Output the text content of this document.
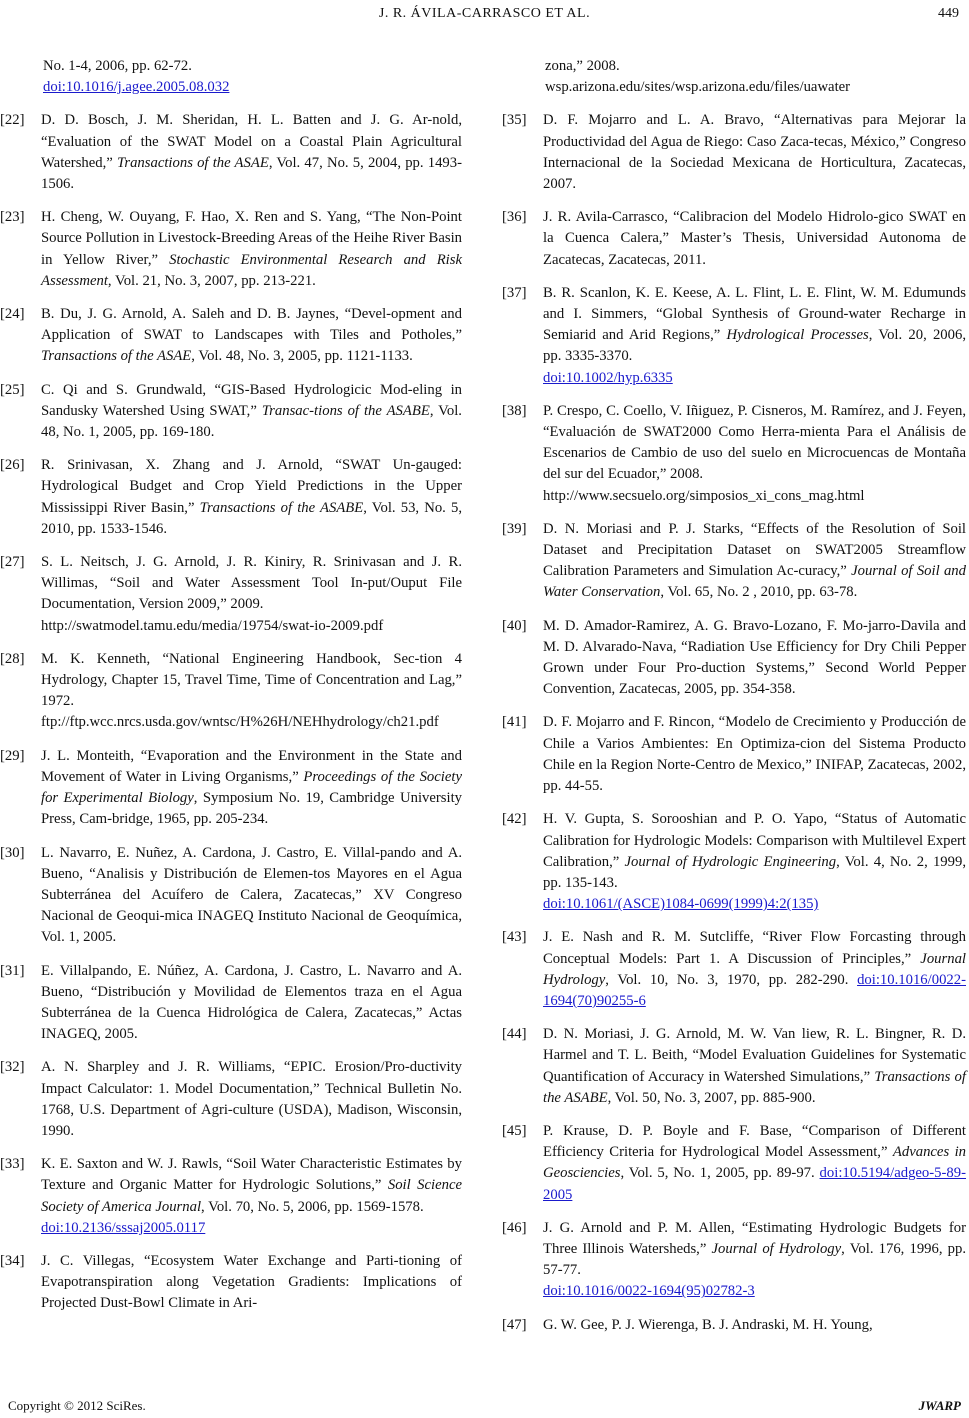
J. R. ÁVILA-CARRASCO ET AL.	449
No. 1-4, 2006, pp. 62-72.
doi:10.1016/j.agee.2005.08.032
[22] D. D. Bosch, J. M. Sheridan, H. L. Batten and J. G. Ar-nold, “Evaluation of the SWAT Model on a Coastal Plain Agricultural Watershed,” Transactions of the ASAE, Vol. 47, No. 5, 2004, pp. 1493-1506.
[23] H. Cheng, W. Ouyang, F. Hao, X. Ren and S. Yang, “The Non-Point Source Pollution in Livestock-Breeding Areas of the Heihe River Basin in Yellow River,” Stochastic Environmental Research and Risk Assessment, Vol. 21, No. 3, 2007, pp. 213-221.
[24] B. Du, J. G. Arnold, A. Saleh and D. B. Jaynes, “Devel-opment and Application of SWAT to Landscapes with Tiles and Potholes,” Transactions of the ASAE, Vol. 48, No. 3, 2005, pp. 1121-1133.
[25] C. Qi and S. Grundwald, “GIS-Based Hydrologicic Mod-eling in Sandusky Watershed Using SWAT,” Transac-tions of the ASABE, Vol. 48, No. 1, 2005, pp. 169-180.
[26] R. Srinivasan, X. Zhang and J. Arnold, “SWAT Un-gauged: Hydrological Budget and Crop Yield Predictions in the Upper Mississippi River Basin,” Transactions of the ASABE, Vol. 53, No. 5, 2010, pp. 1533-1546.
[27] S. L. Neitsch, J. G. Arnold, J. R. Kiniry, R. Srinivasan and J. R. Willimas, “Soil and Water Assessment Tool In-put/Ouput File Documentation, Version 2009,” 2009.
http://swatmodel.tamu.edu/media/19754/swat-io-2009.pdf
[28] M. K. Kenneth, “National Engineering Handbook, Sec-tion 4 Hydrology, Chapter 15, Travel Time, Time of Concentration and Lag,” 1972.
ftp://ftp.wcc.nrcs.usda.gov/wntsc/H%26H/NEHhydrology/ch21.pdf
[29] J. L. Monteith, “Evaporation and the Environment in the State and Movement of Water in Living Organisms,” Proceedings of the Society for Experimental Biology, Symposium No. 19, Cambridge University Press, Cam-bridge, 1965, pp. 205-234.
[30] L. Navarro, E. Nuñez, A. Cardona, J. Castro, E. Villal-pando and A. Bueno, “Analisis y Distribución de Elemen-tos Mayores en el Agua Subterránea del Acuífero de Calera, Zacatecas,” XV Congreso Nacional de Geoqui-mica INAGEQ Instituto Nacional de Geoquímica, Vol. 1, 2005.
[31] E. Villalpando, E. Núñez, A. Cardona, J. Castro, L. Navarro and A. Bueno, “Distribución y Movilidad de Elementos traza en el Agua Subterránea de la Cuenca Hidrológica de Calera, Zacatecas,” Actas INAGEQ, 2005.
[32] A. N. Sharpley and J. R. Williams, “EPIC. Erosion/Pro-ductivity Impact Calculator: 1. Model Documentation,” Technical Bulletin No. 1768, U.S. Department of Agri-culture (USDA), Madison, Wisconsin, 1990.
[33] K. E. Saxton and W. J. Rawls, “Soil Water Characteristic Estimates by Texture and Organic Matter for Hydrologic Solutions,” Soil Science Society of America Journal, Vol. 70, No. 5, 2006, pp. 1569-1578.
doi:10.2136/sssaj2005.0117
[34] J. C. Villegas, “Ecosystem Water Exchange and Parti-tioning of Evapotranspiration along Vegetation Gradients: Implications of Projected Dust-Bowl Climate in Ari-
zona,” 2008.
wsp.arizona.edu/sites/wsp.arizona.edu/files/uawater
[35] D. F. Mojarro and L. A. Bravo, “Alternativas para Mejorar la Productividad del Agua de Riego: Caso Zaca-tecas, México,” Congreso Internacional de la Sociedad Mexicana de Horticultura, Zacatecas, 2007.
[36] J. R. Avila-Carrasco, “Calibracion del Modelo Hidrolo-gico SWAT en la Cuenca Calera,” Master’s Thesis, Universidad Autonoma de Zacatecas, Zacatecas, 2011.
[37] B. R. Scanlon, K. E. Keese, A. L. Flint, L. E. Flint, W. M. Edumunds and I. Simmers, “Global Synthesis of Ground-water Recharge in Semiarid and Arid Regions,” Hydrological Processes, Vol. 20, 2006, pp. 3335-3370.
doi:10.1002/hyp.6335
[38] P. Crespo, C. Coello, V. Iñiguez, P. Cisneros, M. Ramírez, and J. Feyen, “Evaluación de SWAT2000 Como Herra-mienta Para el Análisis de Escenarios de Cambio de uso del suelo en Microcuencas de Montaña del sur del Ecuador,” 2008.
http://www.secsuelo.org/simposios_xi_cons_mag.html
[39] D. N. Moriasi and P. J. Starks, “Effects of the Resolution of Soil Dataset and Precipitation Dataset on SWAT2005 Streamflow Calibration Parameters and Simulation Ac-curacy,” Journal of Soil and Water Conservation, Vol. 65, No. 2 , 2010, pp. 63-78.
[40] M. D. Amador-Ramirez, A. G. Bravo-Lozano, F. Mo-jarro-Davila and M. D. Alvarado-Nava, “Radiation Use Efficiency for Dry Chili Pepper Grown under Four Pro-duction Systems,” Second World Pepper Convention, Zacatecas, 2005, pp. 354-358.
[41] D. F. Mojarro and F. Rincon, “Modelo de Crecimiento y Producción de Chile a Varios Ambientes: En Optimiza-cion del Sistema Producto Chile en la Region Norte-Centro de Mexico,” INIFAP, Zacatecas, 2002, pp. 44-55.
[42] H. V. Gupta, S. Sorooshian and P. O. Yapo, “Status of Automatic Calibration for Hydrologic Models: Comparison with Multilevel Expert Calibration,” Journal of Hydrologic Engineering, Vol. 4, No. 2, 1999, pp. 135-143.
doi:10.1061/(ASCE)1084-0699(1999)4:2(135)
[43] J. E. Nash and R. M. Sutcliffe, “River Flow Forcasting through Conceptual Models: Part 1. A Discussion of Principles,” Journal Hydrology, Vol. 10, No. 3, 1970, pp. 282-290. doi:10.1016/0022-1694(70)90255-6
[44] D. N. Moriasi, J. G. Arnold, M. W. Van liew, R. L. Bingner, R. D. Harmel and T. L. Beith, “Model Evaluation Guidelines for Systematic Quantification of Accuracy in Watershed Simulations,” Transactions of the ASABE, Vol. 50, No. 3, 2007, pp. 885-900.
[45] P. Krause, D. P. Boyle and F. Base, “Comparison of Different Efficiency Criteria for Hydrological Model Assessment,” Advances in Geosciencies, Vol. 5, No. 1, 2005, pp. 89-97. doi:10.5194/adgeo-5-89-2005
[46] J. G. Arnold and P. M. Allen, “Estimating Hydrologic Budgets for Three Illinois Watersheds,” Journal of Hydrology, Vol. 176, 1996, pp. 57-77.
doi:10.1016/0022-1694(95)02782-3
[47] G. W. Gee, P. J. Wierenga, B. J. Andraski, M. H. Young,
Copyright © 2012 SciRes.	JWARP
